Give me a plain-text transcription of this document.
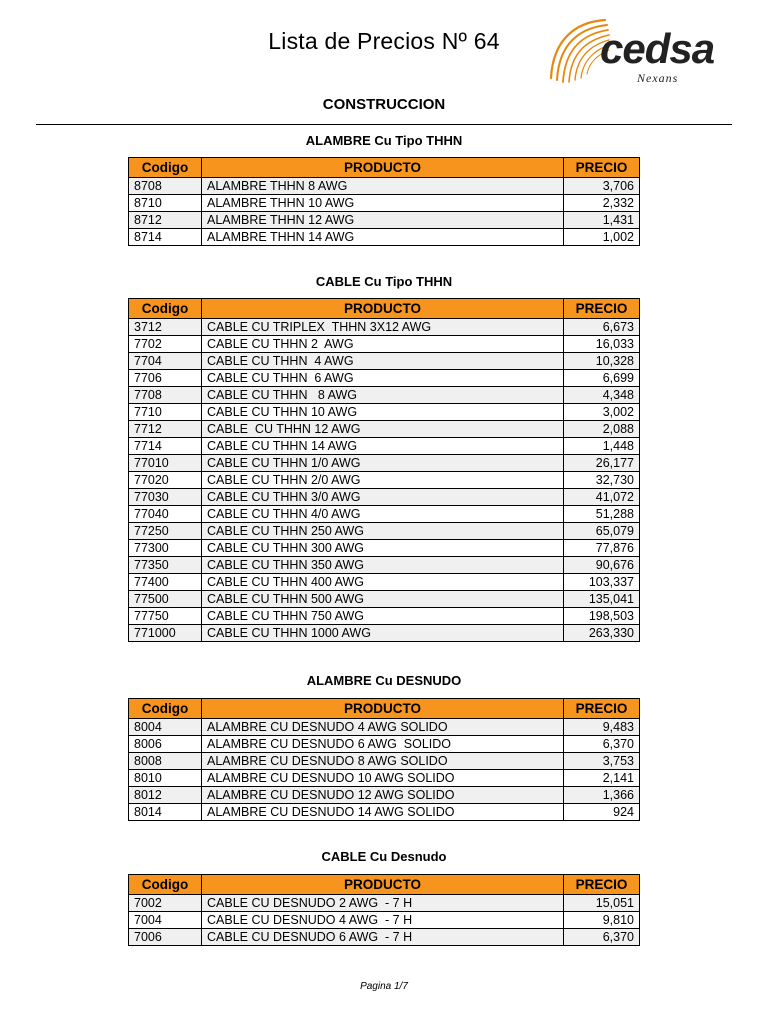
Lista de Precios Nº 64	cedsa
Nexans
CONSTRUCCION
ALAMBRE Cu Tipo THHN
Codigo	PRODUCTO	PRECIO
8708	ALAMBRE THHN 8 AWG	3,706
8710	ALAMBRE THHN 10 AWG	2,332
8712	ALAMBRE THHN 12 AWG	1,431
8714	ALAMBRE THHN 14 AWG	1,002
CABLE Cu Tipo THHN
Codigo	PRODUCTO	PRECIO
3712	CABLE CU TRIPLEX  THHN 3X12 AWG	6,673
7702	CABLE CU THHN 2  AWG	16,033
7704	CABLE CU THHN  4 AWG	10,328
7706	CABLE CU THHN  6 AWG	6,699
7708	CABLE CU THHN   8 AWG	4,348
7710	CABLE CU THHN 10 AWG	3,002
7712	CABLE  CU THHN 12 AWG	2,088
7714	CABLE CU THHN 14 AWG	1,448
77010	CABLE CU THHN 1/0 AWG	26,177
77020	CABLE CU THHN 2/0 AWG	32,730
77030	CABLE CU THHN 3/0 AWG	41,072
77040	CABLE CU THHN 4/0 AWG	51,288
77250	CABLE CU THHN 250 AWG	65,079
77300	CABLE CU THHN 300 AWG	77,876
77350	CABLE CU THHN 350 AWG	90,676
77400	CABLE CU THHN 400 AWG	103,337
77500	CABLE CU THHN 500 AWG	135,041
77750	CABLE CU THHN 750 AWG	198,503
771000	CABLE CU THHN 1000 AWG	263,330
ALAMBRE Cu DESNUDO
Codigo	PRODUCTO	PRECIO
8004	ALAMBRE CU DESNUDO 4 AWG SOLIDO	9,483
8006	ALAMBRE CU DESNUDO 6 AWG  SOLIDO	6,370
8008	ALAMBRE CU DESNUDO 8 AWG SOLIDO	3,753
8010	ALAMBRE CU DESNUDO 10 AWG SOLIDO	2,141
8012	ALAMBRE CU DESNUDO 12 AWG SOLIDO	1,366
8014	ALAMBRE CU DESNUDO 14 AWG SOLIDO	924
CABLE Cu Desnudo
Codigo	PRODUCTO	PRECIO
7002	CABLE CU DESNUDO 2 AWG  - 7 H	15,051
7004	CABLE CU DESNUDO 4 AWG  - 7 H	9,810
7006	CABLE CU DESNUDO 6 AWG  - 7 H	6,370
Pagina 1/7
